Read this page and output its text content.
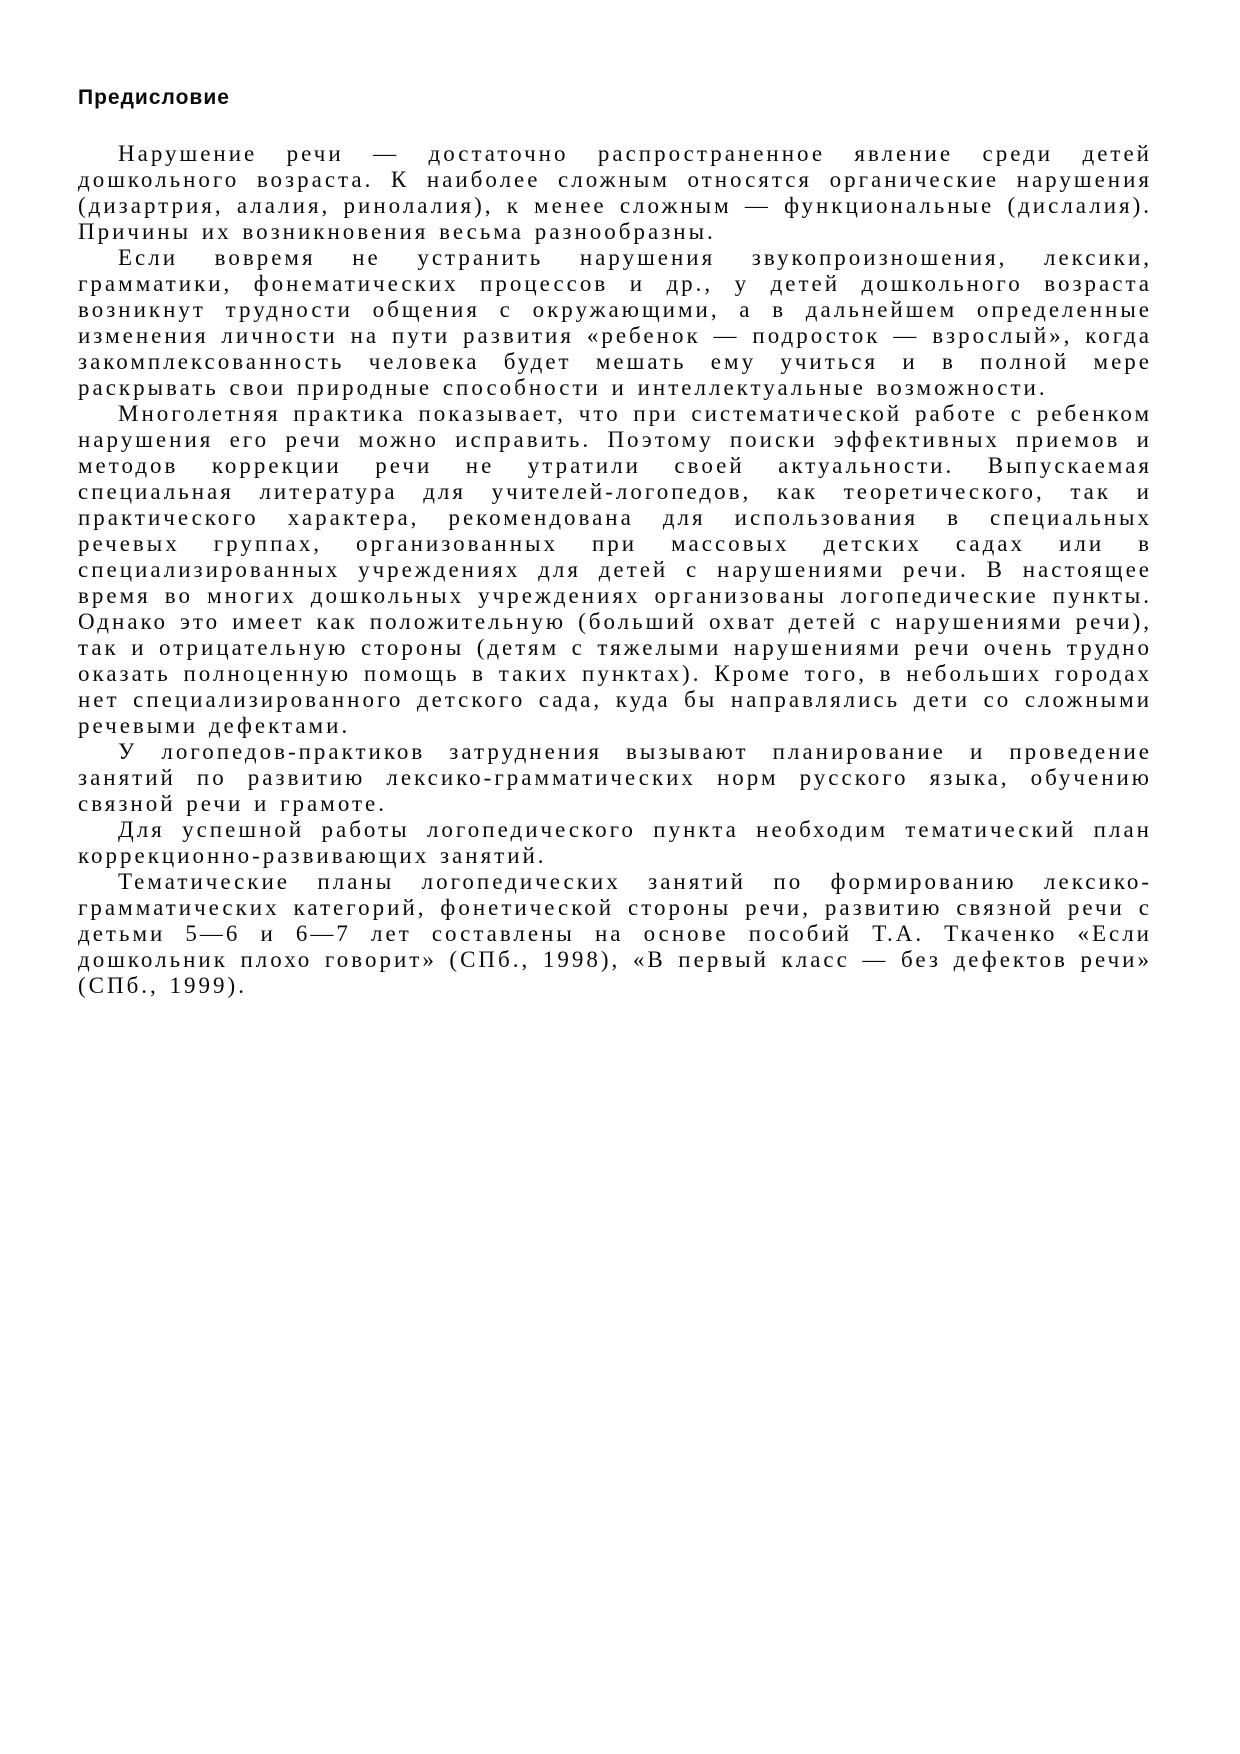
Предисловие

Нарушение речи — достаточно распространенное явление среди детей дошкольного возраста. К наиболее сложным относятся органические нарушения (дизартрия, алалия, ринолалия), к менее сложным — функциональные (дислалия). Причины их возникновения весьма разнообразны.

Если вовремя не устранить нарушения звукопроизношения, лексики, грамматики, фонематических процессов и др., у детей дошкольного возраста возникнут трудности общения с окружающими, а в дальнейшем определенные изменения личности на пути развития «ребенок — подросток — взрослый», когда закомплексованность человека будет мешать ему учиться и в полной мере раскрывать свои природные способности и интеллектуальные возможности.

Многолетняя практика показывает, что при систематической работе с ребенком нарушения его речи можно исправить. Поэтому поиски эффективных приемов и методов коррекции речи не утратили своей актуальности. Выпускаемая специальная литература для учителей-логопедов, как теоретического, так и практического характера, рекомендована для использования в специальных речевых группах, организованных при массовых детских садах или в специализированных учреждениях для детей с нарушениями речи. В настоящее время во многих дошкольных учреждениях организованы логопедические пункты. Однако это имеет как положительную (больший охват детей с нарушениями речи), так и отрицательную стороны (детям с тяжелыми нарушениями речи очень трудно оказать полноценную помощь в таких пунктах). Кроме того, в небольших городах нет специализированного детского сада, куда бы направлялись дети со сложными речевыми дефектами.

У логопедов-практиков затруднения вызывают планирование и проведение занятий по развитию лексико-грамматических норм русского языка, обучению связной речи и грамоте.

Для успешной работы логопедического пункта необходим тематический план коррекционно-развивающих занятий.

Тематические планы логопедических занятий по формированию лексико-грамматических категорий, фонетической стороны речи, развитию связной речи с детьми 5—6 и 6—7 лет составлены на основе пособий Т.А. Ткаченко «Если дошкольник плохо говорит» (СПб., 1998), «В первый класс — без дефектов речи» (СПб., 1999).
